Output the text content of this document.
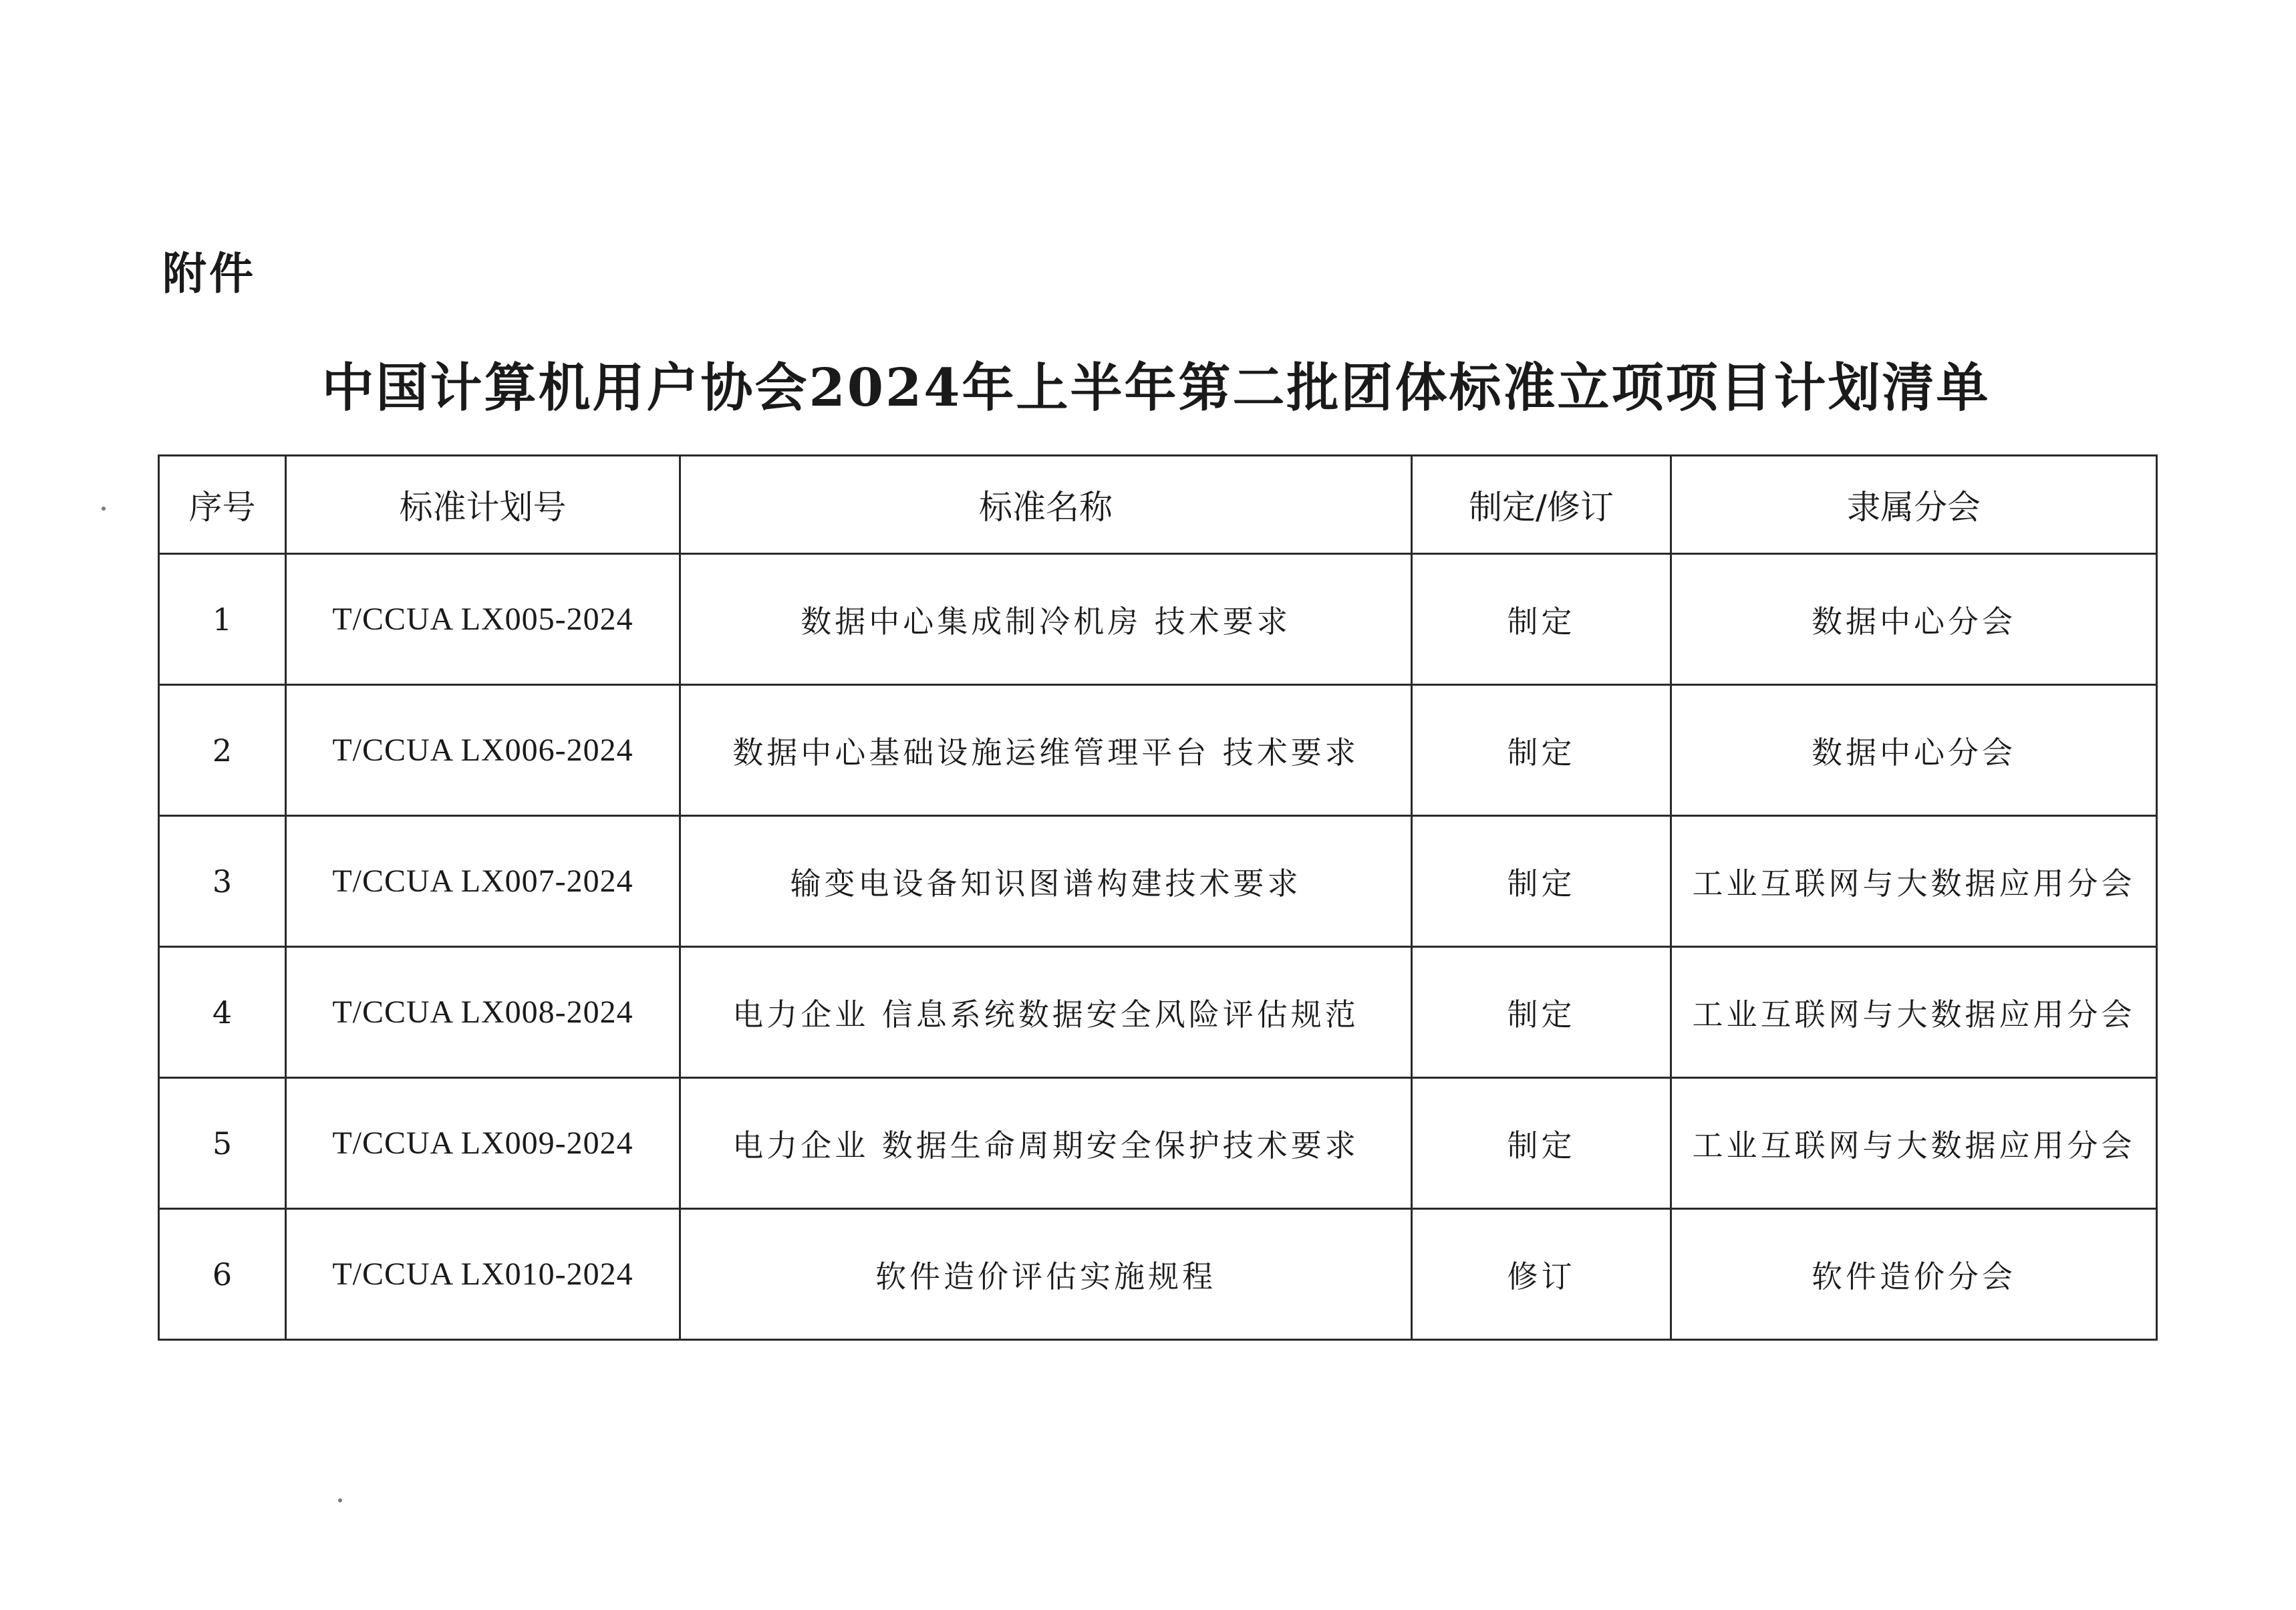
附件
中国计算机用户协会2024年上半年第二批团体标准立项项目计划清单
序号	标准计划号	标准名称	制定/修订	隶属分会
1	T/CCUA LX005-2024	数据中心集成制冷机房 技术要求	制定	数据中心分会
2	T/CCUA LX006-2024	数据中心基础设施运维管理平台 技术要求	制定	数据中心分会
3	T/CCUA LX007-2024	输变电设备知识图谱构建技术要求	制定	工业互联网与大数据应用分会
4	T/CCUA LX008-2024	电力企业 信息系统数据安全风险评估规范	制定	工业互联网与大数据应用分会
5	T/CCUA LX009-2024	电力企业 数据生命周期安全保护技术要求	制定	工业互联网与大数据应用分会
6	T/CCUA LX010-2024	软件造价评估实施规程	修订	软件造价分会
